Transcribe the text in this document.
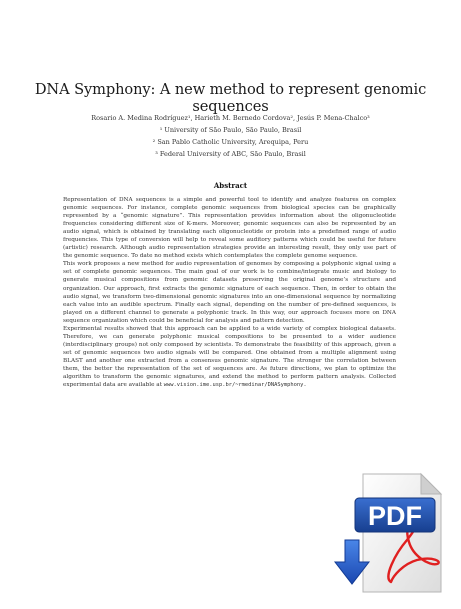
DNA Symphony: A new method to represent genomic sequences
Rosario A. Medina Rodríguez¹, Harieth M. Bernedo Cordova², Jesús P. Mena-Chalco³
¹ University of São Paulo, São Paulo, Brasil
² San Pablo Catholic University, Arequipa, Peru
³ Federal University of ABC, São Paulo, Brasil
Abstract

Representation of DNA sequences is a simple and powerful tool to identify and analyze features on complex genomic sequences. For instance, complete genomic sequences from biological species can be graphically represented by a “genomic signature”. This representation provides information about the oligonucleotide frequencies considering different size of K-mers. Moreover, genomic sequences can also be represented by an audio signal, which is obtained by translating each oligonucleotide or protein into a predefined range of audio frequencies. This type of conversion will help to reveal some auditory patterns which could be useful for future (artistic) research. Although audio representation strategies provide an interesting result, they only use part of the genomic sequence. To date no method exists which contemplates the complete genome sequence.

This work proposes a new method for audio representation of genomes by composing a polyphonic signal using a set of complete genomic sequences. The main goal of our work is to combine/integrate music and biology to generate musical compositions from genomic datasets preserving the original genome’s structure and organization. Our approach, first extracts the genomic signature of each sequence. Then, in order to obtain the audio signal, we transform two-dimensional genomic signatures into an one-dimensional sequence by normalizing each value into an audible spectrum. Finally each signal, depending on the number of pre-defined sequences, is played on a different channel to generate a polyphonic track. In this way, our approach focuses more on DNA sequence organization which could be beneficial for analysis and pattern detection.

Experimental results showed that this approach can be applied to a wide variety of complex biological datasets. Therefore, we can generate polyphonic musical compositions to be presented to a wider audience (interdisciplinary groups) not only composed by scientists. To demonstrate the feasibility of this approach, given a set of genomic sequences two audio signals will be compared. One obtained from a multiple alignment using BLAST and another one extracted from a consensus genomic signature. The stronger the correlation between them, the better the representation of the set of sequences are. As future directions, we plan to optimize the algorithm to transform the genomic signatures, and extend the method to perform pattern analysis. Collected experimental data are available at www.vision.ime.usp.br/~rmedinar/DNASymphony.

PDF
